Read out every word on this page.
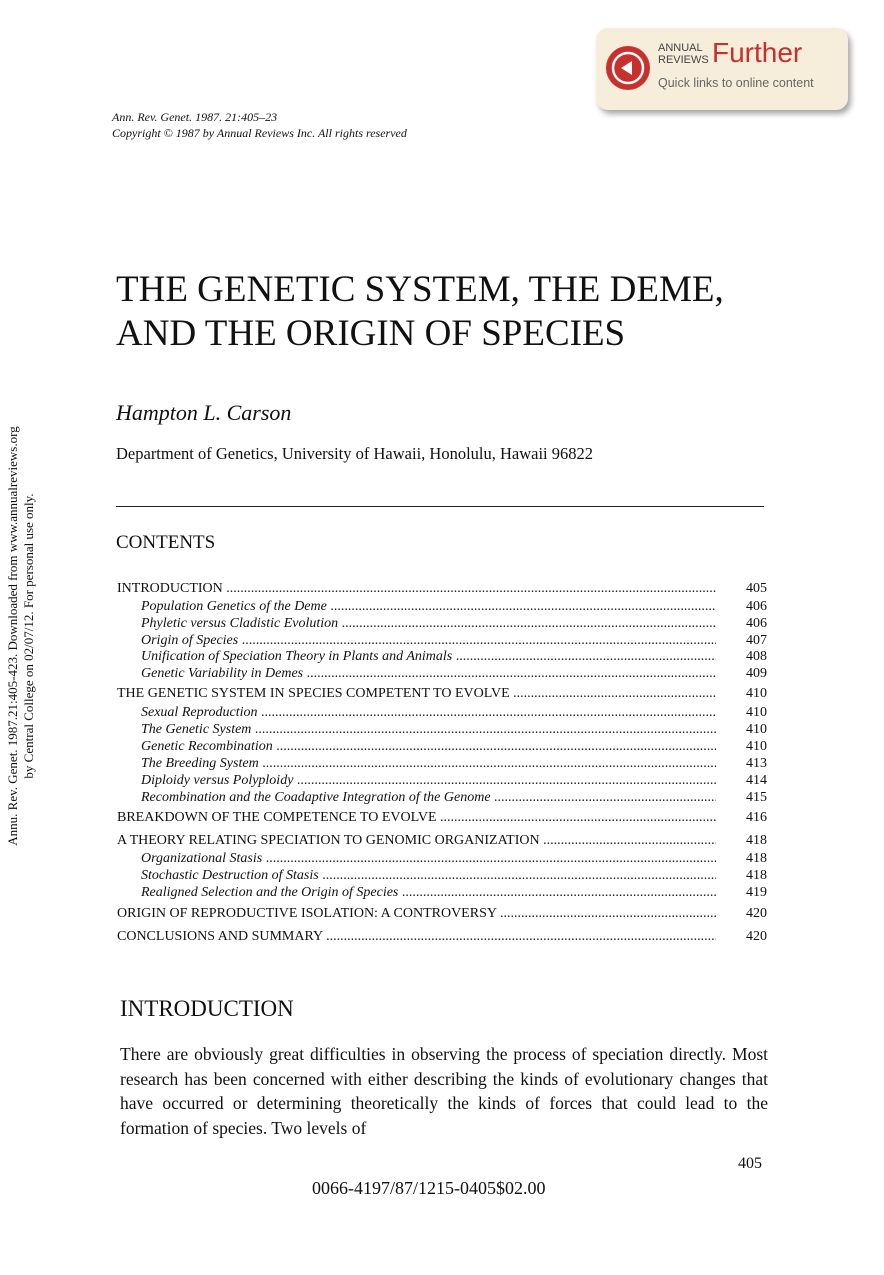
ANNUAL
REVIEWS Further
Quick links to online content
Ann. Rev. Genet. 1987. 21:405–23
Copyright © 1987 by Annual Reviews Inc. All rights reserved
THE GENETIC SYSTEM, THE DEME,
AND THE ORIGIN OF SPECIES
Hampton L. Carson
Department of Genetics, University of Hawaii, Honolulu, Hawaii 96822
CONTENTS
INTRODUCTION .....	405
Population Genetics of the Deme .....	406
Phyletic versus Cladistic Evolution .....	406
Origin of Species .....	407
Unification of Speciation Theory in Plants and Animals .....	408
Genetic Variability in Demes .....	409
THE GENETIC SYSTEM IN SPECIES COMPETENT TO EVOLVE .....	410
Sexual Reproduction .....	410
The Genetic System .....	410
Genetic Recombination .....	410
The Breeding System .....	413
Diploidy versus Polyploidy .....	414
Recombination and the Coadaptive Integration of the Genome .....	415
BREAKDOWN OF THE COMPETENCE TO EVOLVE .....	416
A THEORY RELATING SPECIATION TO GENOMIC ORGANIZATION .....	418
Organizational Stasis .....	418
Stochastic Destruction of Stasis .....	418
Realigned Selection and the Origin of Species .....	419
ORIGIN OF REPRODUCTIVE ISOLATION: A CONTROVERSY .....	420
CONCLUSIONS AND SUMMARY .....	420
INTRODUCTION

There are obviously great difficulties in observing the process of speciation directly. Most research has been concerned with either describing the kinds of evolutionary changes that have occurred or determining theoretically the kinds of forces that could lead to the formation of species. Two levels of

405
0066-4197/87/1215-0405$02.00
Annu. Rev. Genet. 1987.21:405-423. Downloaded from www.annualreviews.org by Central College on 02/07/12. For personal use only.
